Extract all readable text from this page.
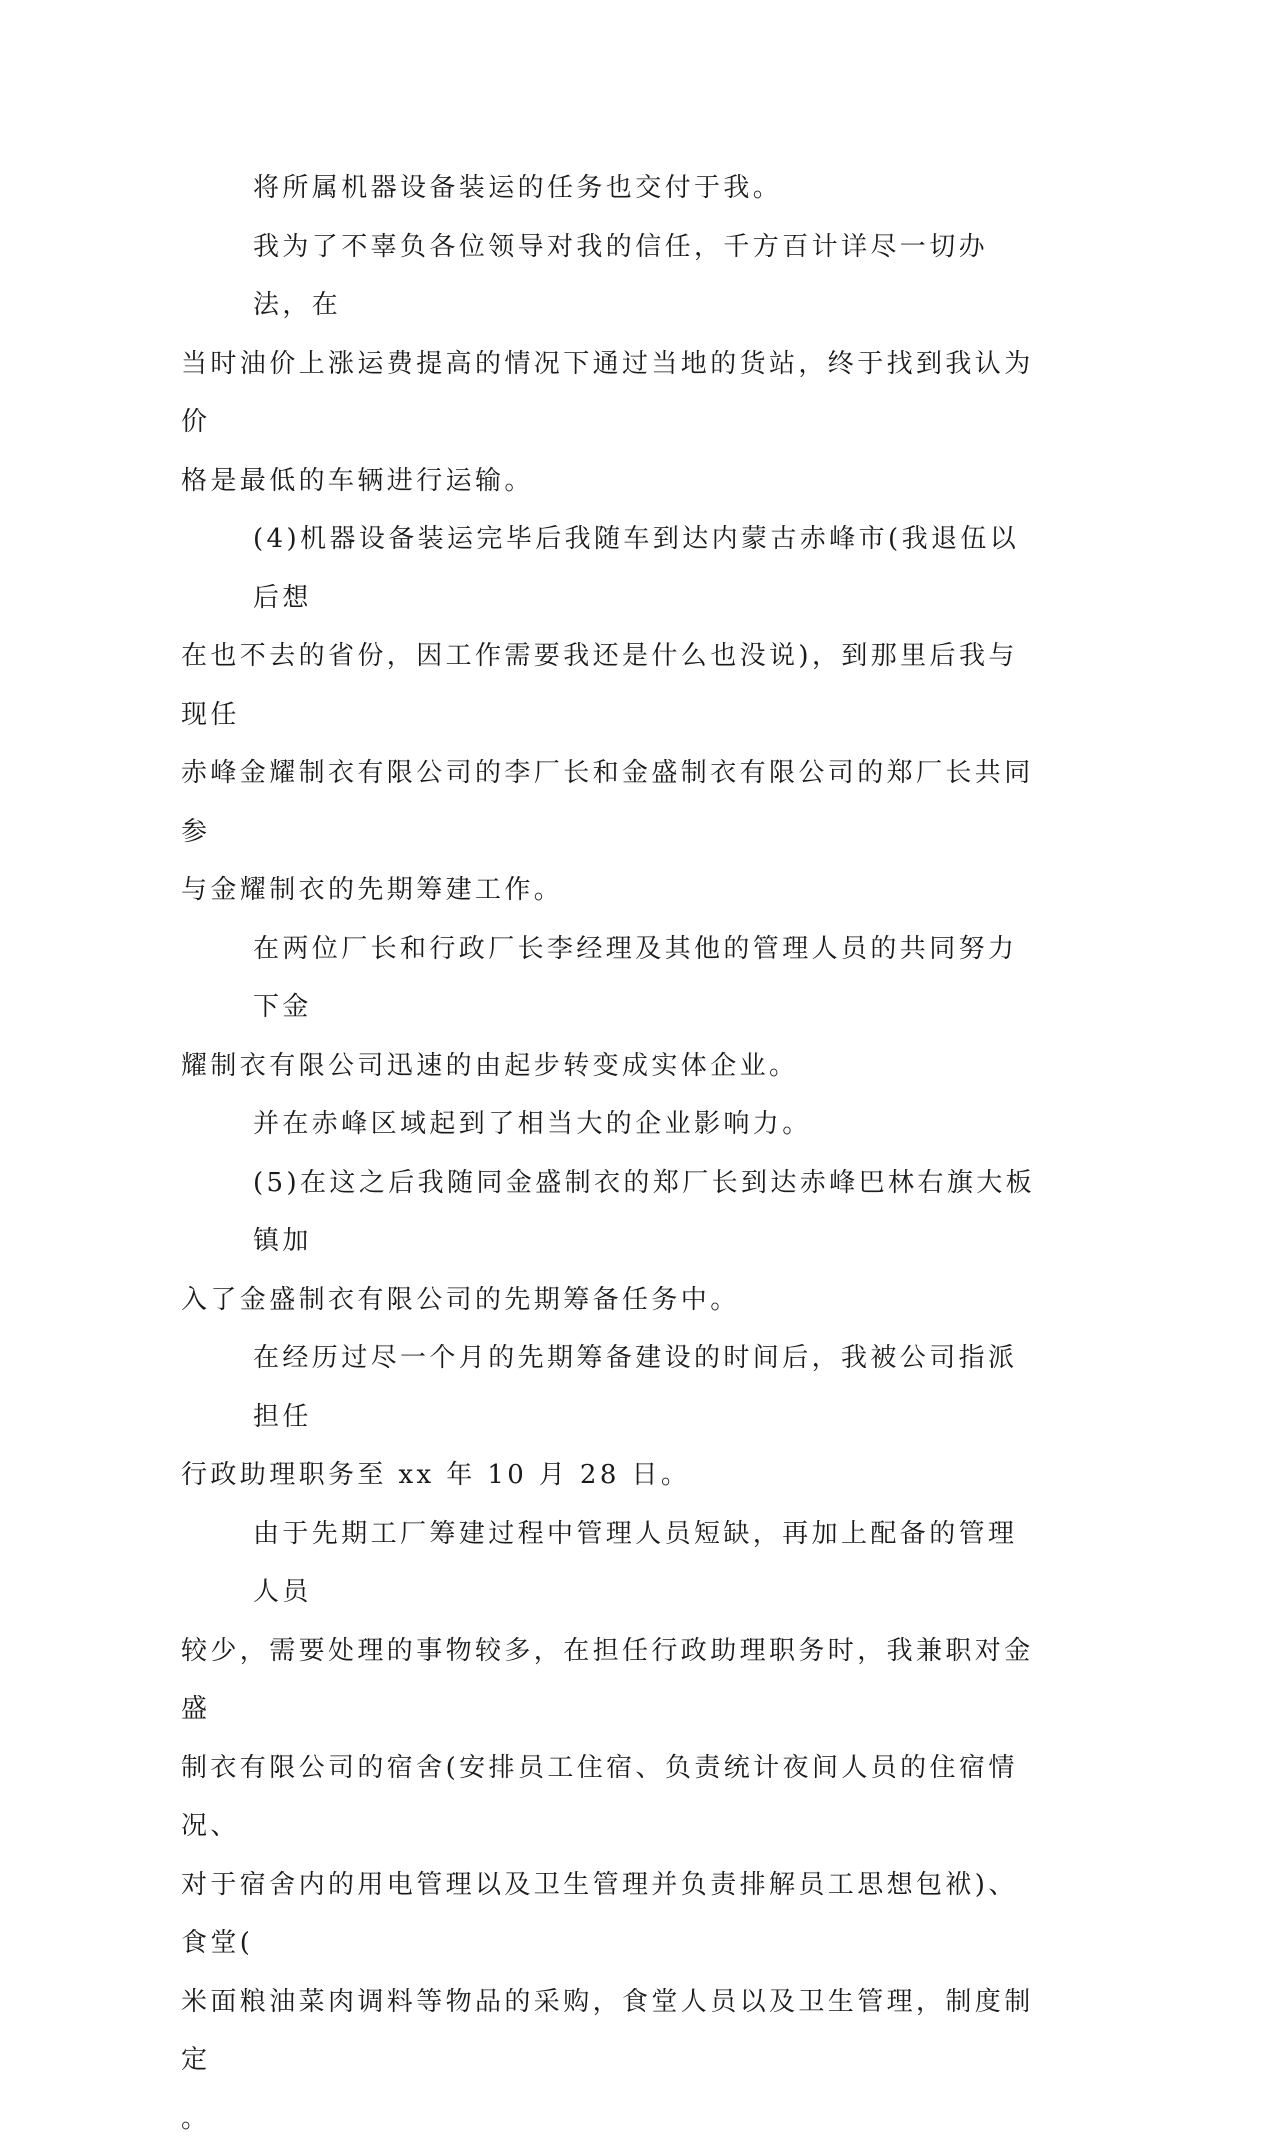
将所属机器设备装运的任务也交付于我。
我为了不辜负各位领导对我的信任，千方百计详尽一切办法，在
当时油价上涨运费提高的情况下通过当地的货站，终于找到我认为价
格是最低的车辆进行运输。
(4)机器设备装运完毕后我随车到达内蒙古赤峰市(我退伍以后想
在也不去的省份，因工作需要我还是什么也没说)，到那里后我与现任
赤峰金耀制衣有限公司的李厂长和金盛制衣有限公司的郑厂长共同参
与金耀制衣的先期筹建工作。
在两位厂长和行政厂长李经理及其他的管理人员的共同努力下金
耀制衣有限公司迅速的由起步转变成实体企业。
并在赤峰区域起到了相当大的企业影响力。
(5)在这之后我随同金盛制衣的郑厂长到达赤峰巴林右旗大板镇加
入了金盛制衣有限公司的先期筹备任务中。
在经历过尽一个月的先期筹备建设的时间后，我被公司指派担任
行政助理职务至 xx 年 10 月 28 日。
由于先期工厂筹建过程中管理人员短缺，再加上配备的管理人员
较少，需要处理的事物较多，在担任行政助理职务时，我兼职对金盛
制衣有限公司的宿舍(安排员工住宿、负责统计夜间人员的住宿情况、
对于宿舍内的用电管理以及卫生管理并负责排解员工思想包袱)、食堂(
米面粮油菜肉调料等物品的采购，食堂人员以及卫生管理，制度制定
。
